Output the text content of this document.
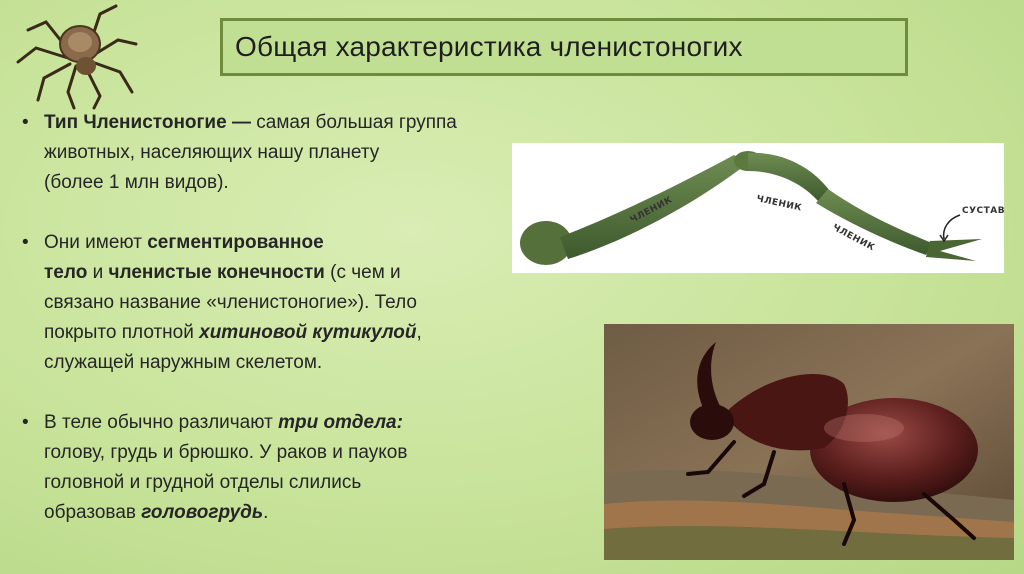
Общая характеристика членистоногих
• Тип Членистоногие — самая большая группа
животных, населяющих нашу планету
(более 1 млн видов).
• Они имеют сегментированное
тело и членистые конечности (с чем и
связано название «членистоногие»). Тело
покрыто плотной хитиновой кутикулой,
служащей наружным скелетом.
• В теле обычно различают три отдела:
голову, грудь и брюшко. У раков и пауков
головной и грудной отделы слились
образовав головогрудь.
ЧЛЕНИК	ЧЛЕНИК
ЧЛЕНИК
СУСТАВ
